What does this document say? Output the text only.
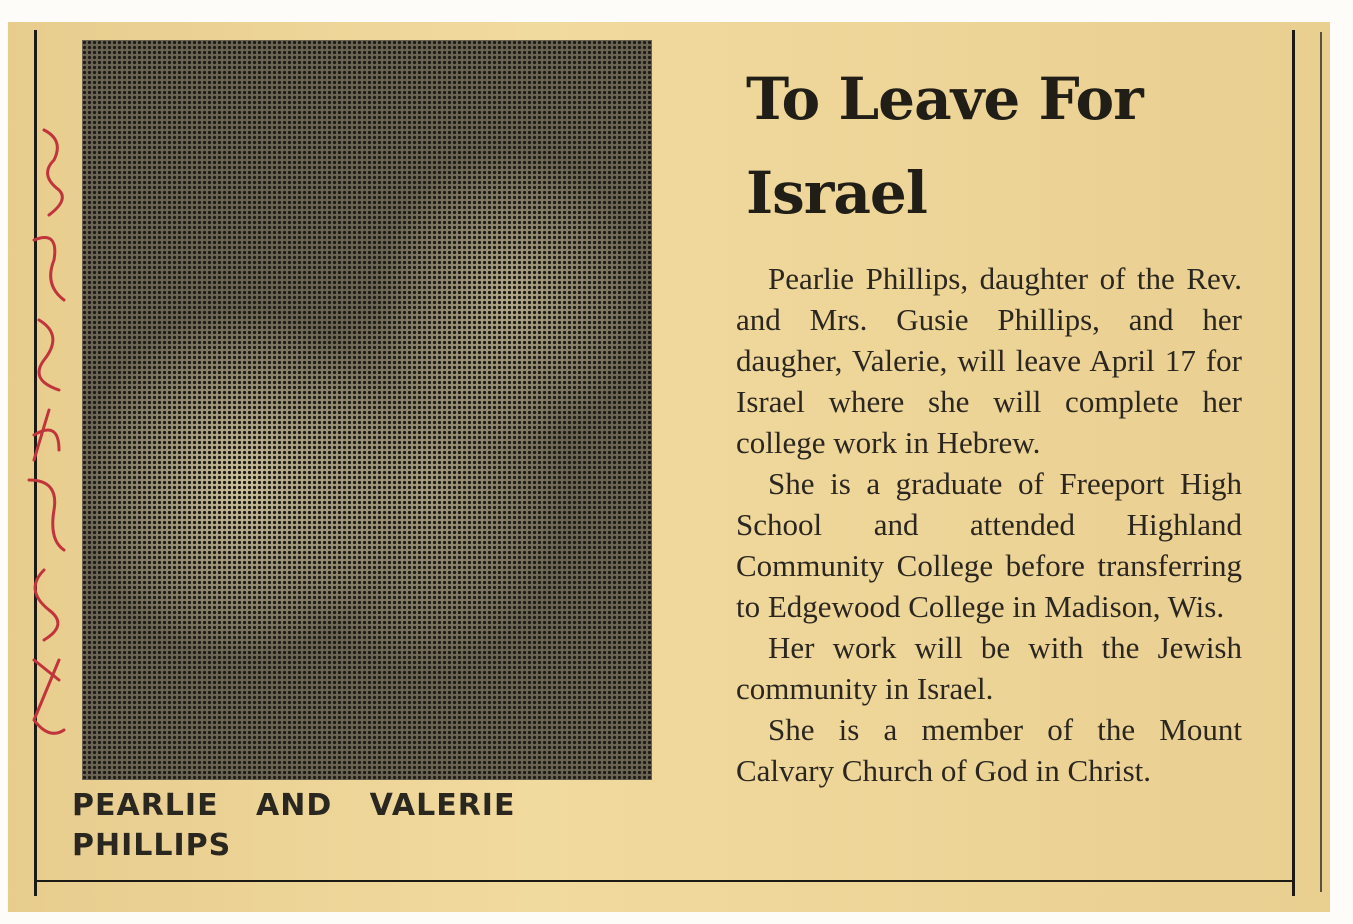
PEARLIE AND VALERIE PHILLIPS
To Leave For Israel

Pearlie Phillips, daughter of the Rev. and Mrs. Gusie Phillips, and her daugher, Valerie, will leave April 17 for Israel where she will complete her college work in Hebrew.

She is a graduate of Freeport High School and attended Highland Community College before transferring to Edgewood College in Madison, Wis.

Her work will be with the Jewish community in Israel.

She is a member of the Mount Calvary Church of God in Christ.
